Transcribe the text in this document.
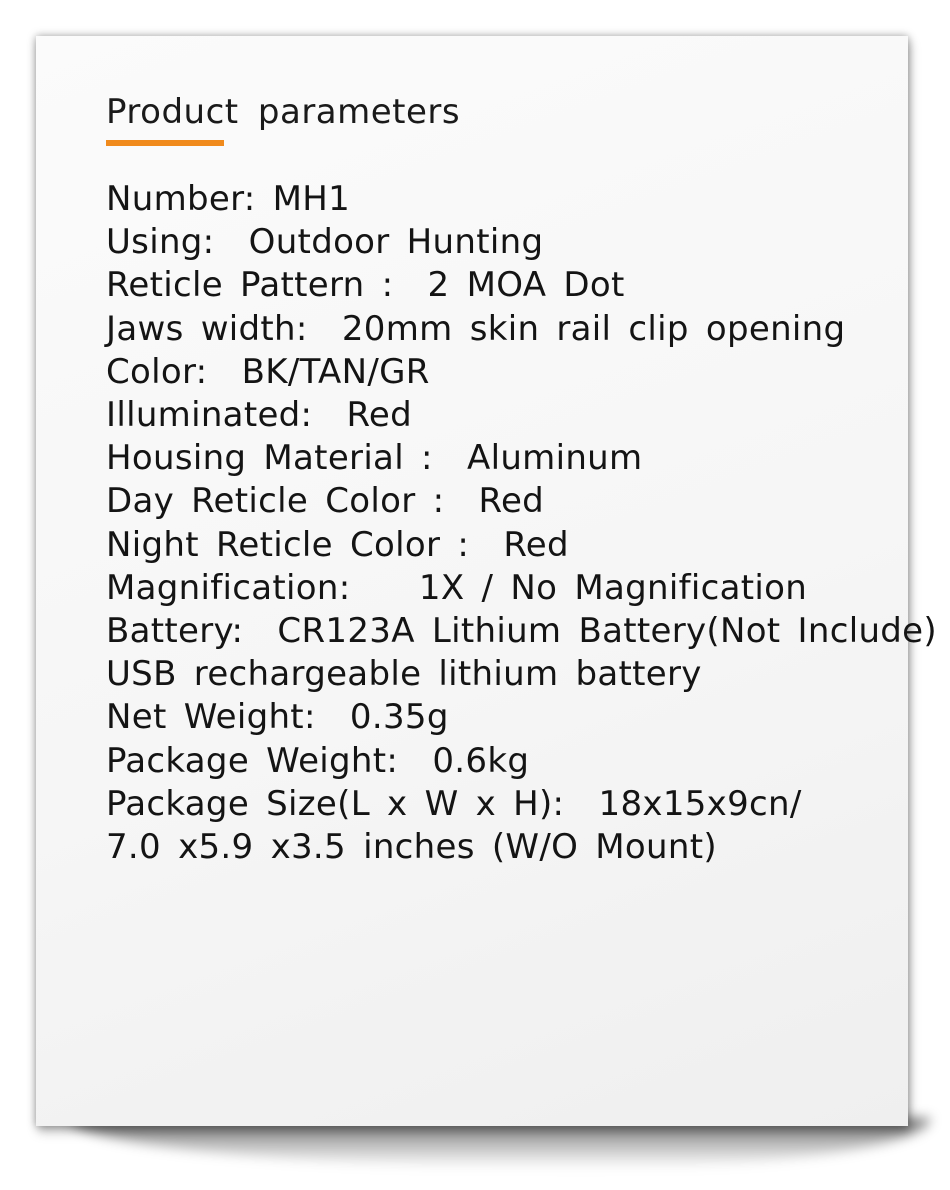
Product parameters
Number: MH1
Using:  Outdoor Hunting
Reticle Pattern :  2 MOA Dot
Jaws width:  20mm skin rail clip opening
Color:  BK/TAN/GR
Illuminated:  Red
Housing Material :  Aluminum
Day Reticle Color :  Red
Night Reticle Color :  Red
Magnification:    1X / No Magnification
Battery:  CR123A Lithium Battery(Not Include)
USB rechargeable lithium battery
Net Weight:  0.35g
Package Weight:  0.6kg
Package Size(L x W x H):  18x15x9cn/
7.0 x5.9 x3.5 inches (W/O Mount)
